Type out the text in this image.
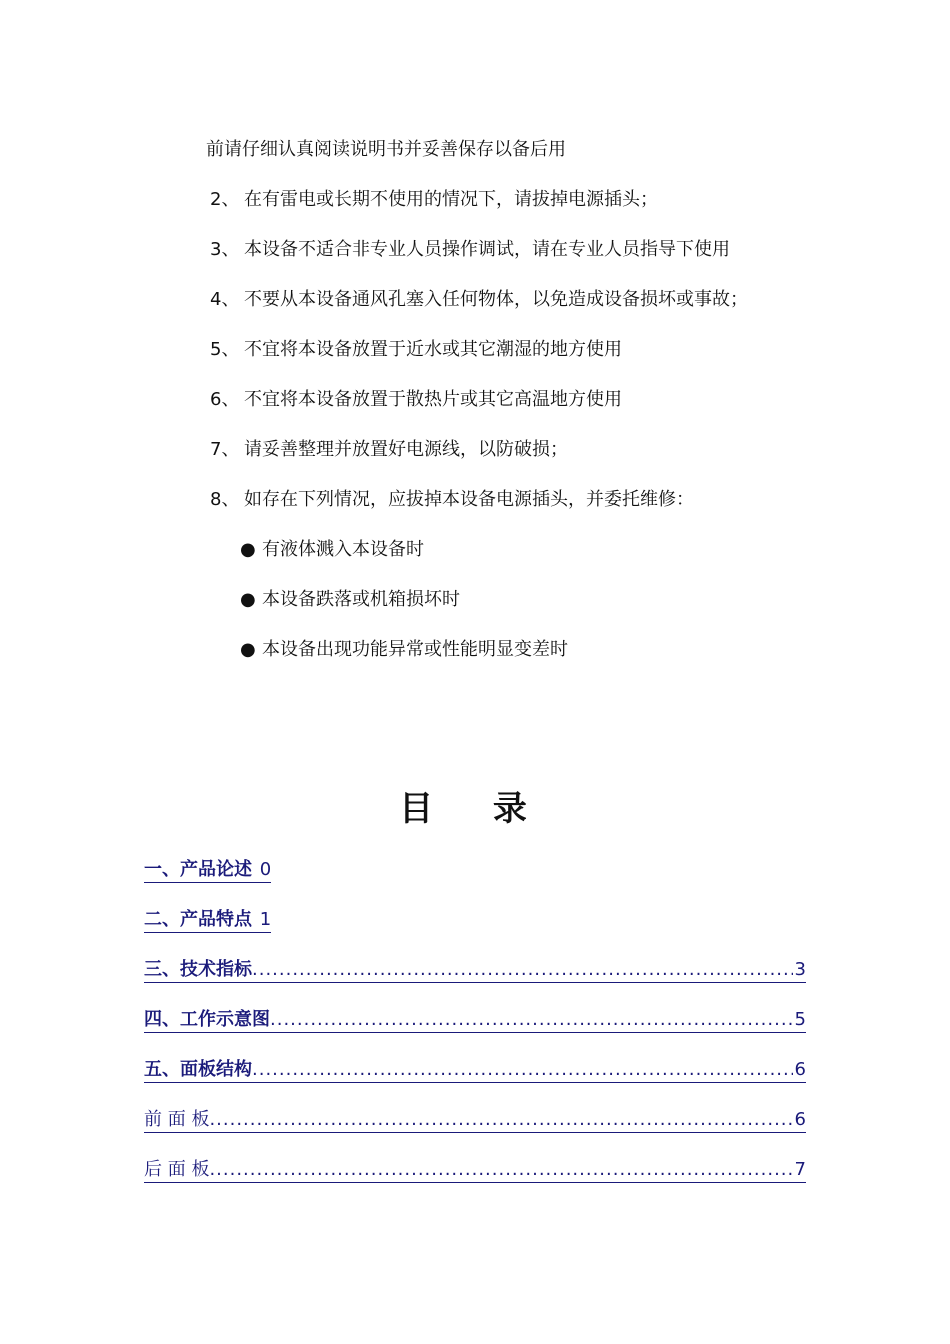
前请仔细认真阅读说明书并妥善保存以备后用
2、 在有雷电或长期不使用的情况下，请拔掉电源插头；
3、 本设备不适合非专业人员操作调试，请在专业人员指导下使用
4、 不要从本设备通风孔塞入任何物体，以免造成设备损坏或事故；
5、 不宜将本设备放置于近水或其它潮湿的地方使用
6、 不宜将本设备放置于散热片或其它高温地方使用
7、 请妥善整理并放置好电源线，以防破损；
8、 如存在下列情况，应拔掉本设备电源插头，并委托维修：
● 有液体溅入本设备时
● 本设备跌落或机箱损坏时
● 本设备出现功能异常或性能明显变差时
目 录
一、产品论述 0
二、产品特点 1
三、技术指标 .....	3
四、工作示意图 .....	5
五、面板结构 .....	6
前 面 板 .....	6
后 面 板 .....	7
